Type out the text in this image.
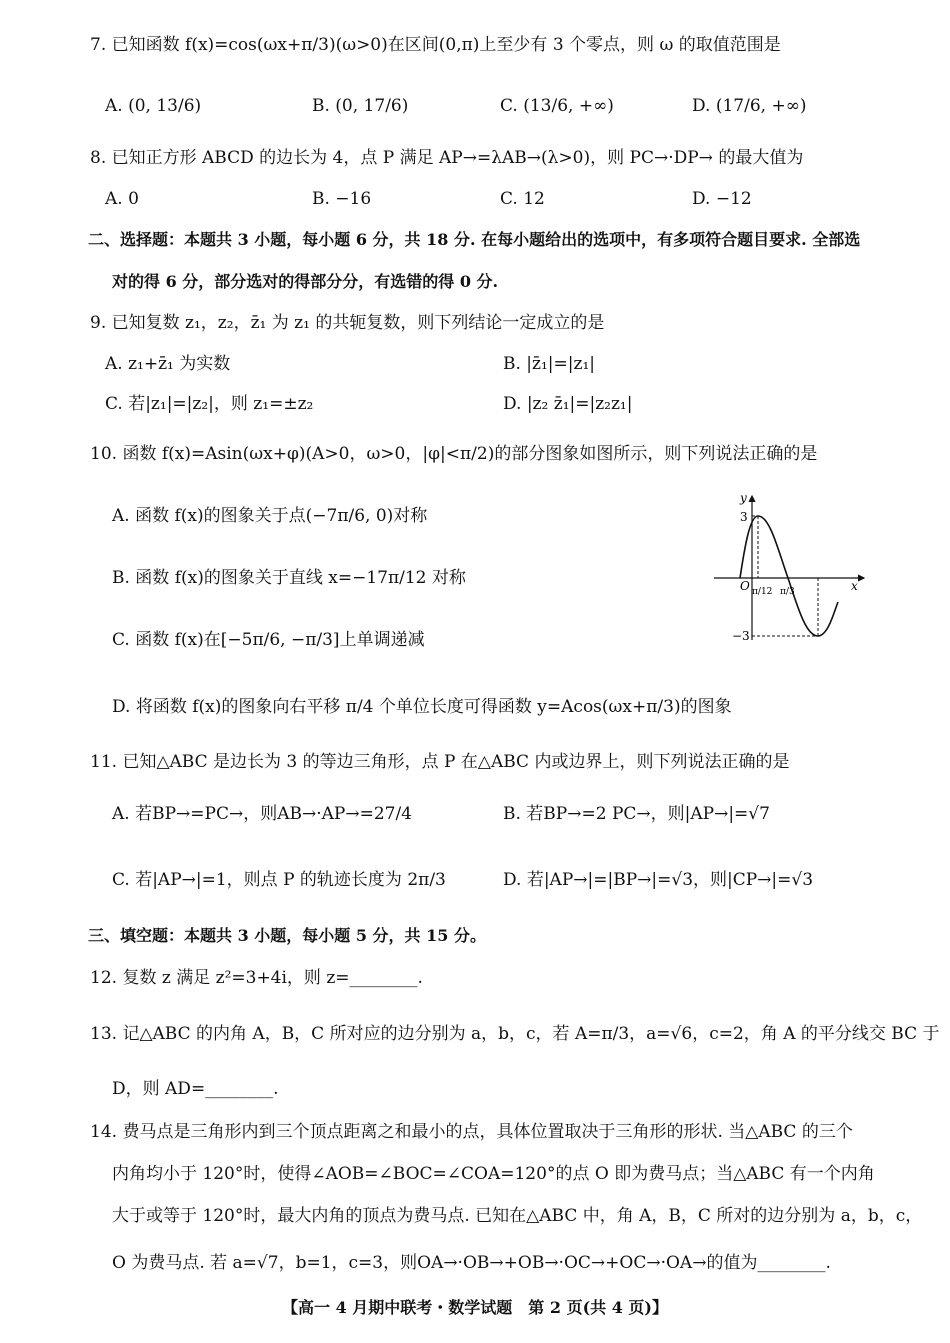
7. 已知函数 f(x)=cos(ωx+π/3)(ω>0)在区间(0,π)上至少有 3 个零点，则 ω 的取值范围是
A. (0, 13/6)	B. (0, 17/6)	C. (13/6, +∞)	D. (17/6, +∞)
8. 已知正方形 ABCD 的边长为 4，点 P 满足 AP→=λAB→(λ>0)，则 PC→·DP→ 的最大值为
A. 0	B. −16	C. 12	D. −12
二、选择题：本题共 3 小题，每小题 6 分，共 18 分. 在每小题给出的选项中，有多项符合题目要求. 全部选
对的得 6 分，部分选对的得部分分，有选错的得 0 分.
9. 已知复数 z₁，z₂，z̄₁ 为 z₁ 的共轭复数，则下列结论一定成立的是
A. z₁+z̄₁ 为实数	B. |z̄₁|=|z₁|
C. 若|z₁|=|z₂|，则 z₁=±z₂	D. |z₂ z̄₁|=|z₂z₁|
10. 函数 f(x)=Asin(ωx+φ)(A>0，ω>0，|φ|<π/2)的部分图象如图所示，则下列说法正确的是
A. 函数 f(x)的图象关于点(−7π/6, 0)对称
B. 函数 f(x)的图象关于直线 x=−17π/12 对称
C. 函数 f(x)在[−5π/6, −π/3]上单调递减
D. 将函数 f(x)的图象向右平移 π/4 个单位长度可得函数 y=Acos(ωx+π/3)的图象
y
x
O
3
−3
π/12 π/3
11. 已知△ABC 是边长为 3 的等边三角形，点 P 在△ABC 内或边界上，则下列说法正确的是
A. 若BP→=PC→，则AB→·AP→=27/4	B. 若BP→=2 PC→，则|AP→|=√7
C. 若|AP→|=1，则点 P 的轨迹长度为 2π/3	D. 若|AP→|=|BP→|=√3，则|CP→|=√3
三、填空题：本题共 3 小题，每小题 5 分，共 15 分。
12. 复数 z 满足 z²=3+4i，则 z=________.
13. 记△ABC 的内角 A，B，C 所对应的边分别为 a，b，c，若 A=π/3，a=√6，c=2，角 A 的平分线交 BC 于
D，则 AD=________.
14. 费马点是三角形内到三个顶点距离之和最小的点，具体位置取决于三角形的形状. 当△ABC 的三个
内角均小于 120°时，使得∠AOB=∠BOC=∠COA=120°的点 O 即为费马点；当△ABC 有一个内角
大于或等于 120°时，最大内角的顶点为费马点. 已知在△ABC 中，角 A，B，C 所对的边分别为 a，b，c，
O 为费马点. 若 a=√7，b=1，c=3，则OA→·OB→+OB→·OC→+OC→·OA→的值为________.
【高一 4 月期中联考・数学试题　第 2 页(共 4 页)】
